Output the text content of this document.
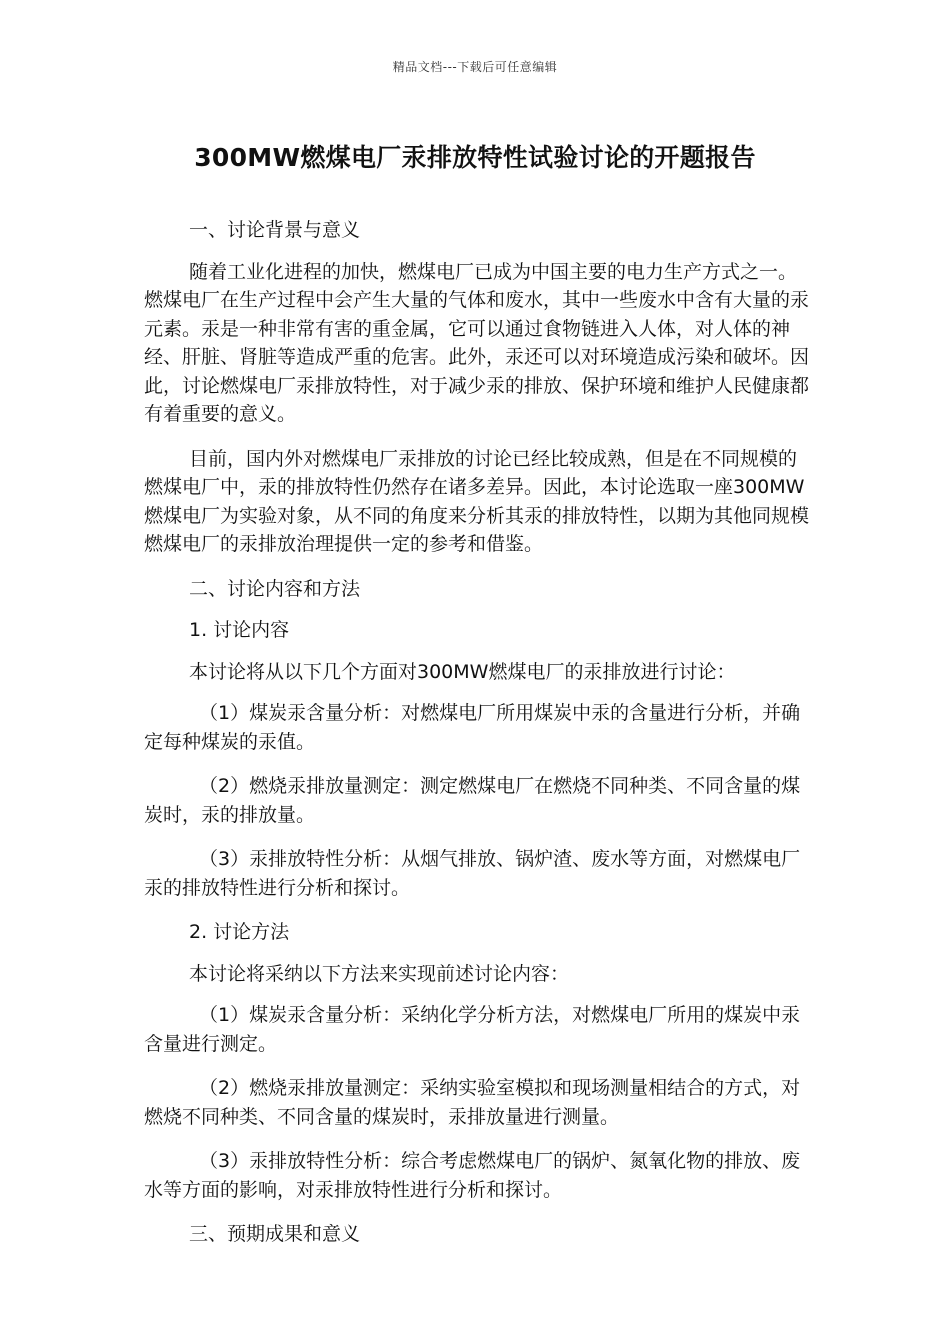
精品文档---下载后可任意编辑
300MW燃煤电厂汞排放特性试验讨论的开题报告

一、讨论背景与意义

随着工业化进程的加快，燃煤电厂已成为中国主要的电力生产方式之一。燃煤电厂在生产过程中会产生大量的气体和废水，其中一些废水中含有大量的汞元素。汞是一种非常有害的重金属，它可以通过食物链进入人体，对人体的神经、肝脏、肾脏等造成严重的危害。此外，汞还可以对环境造成污染和破坏。因此，讨论燃煤电厂汞排放特性，对于减少汞的排放、保护环境和维护人民健康都有着重要的意义。

目前，国内外对燃煤电厂汞排放的讨论已经比较成熟，但是在不同规模的燃煤电厂中，汞的排放特性仍然存在诸多差异。因此，本讨论选取一座300MW燃煤电厂为实验对象，从不同的角度来分析其汞的排放特性，以期为其他同规模燃煤电厂的汞排放治理提供一定的参考和借鉴。

二、讨论内容和方法

1. 讨论内容

本讨论将从以下几个方面对300MW燃煤电厂的汞排放进行讨论：

（1）煤炭汞含量分析：对燃煤电厂所用煤炭中汞的含量进行分析，并确定每种煤炭的汞值。

（2）燃烧汞排放量测定：测定燃煤电厂在燃烧不同种类、不同含量的煤炭时，汞的排放量。

（3）汞排放特性分析：从烟气排放、锅炉渣、废水等方面，对燃煤电厂汞的排放特性进行分析和探讨。

2. 讨论方法

本讨论将采纳以下方法来实现前述讨论内容：

（1）煤炭汞含量分析：采纳化学分析方法，对燃煤电厂所用的煤炭中汞含量进行测定。

（2）燃烧汞排放量测定：采纳实验室模拟和现场测量相结合的方式，对燃烧不同种类、不同含量的煤炭时，汞排放量进行测量。

（3）汞排放特性分析：综合考虑燃煤电厂的锅炉、氮氧化物的排放、废水等方面的影响，对汞排放特性进行分析和探讨。

三、预期成果和意义
